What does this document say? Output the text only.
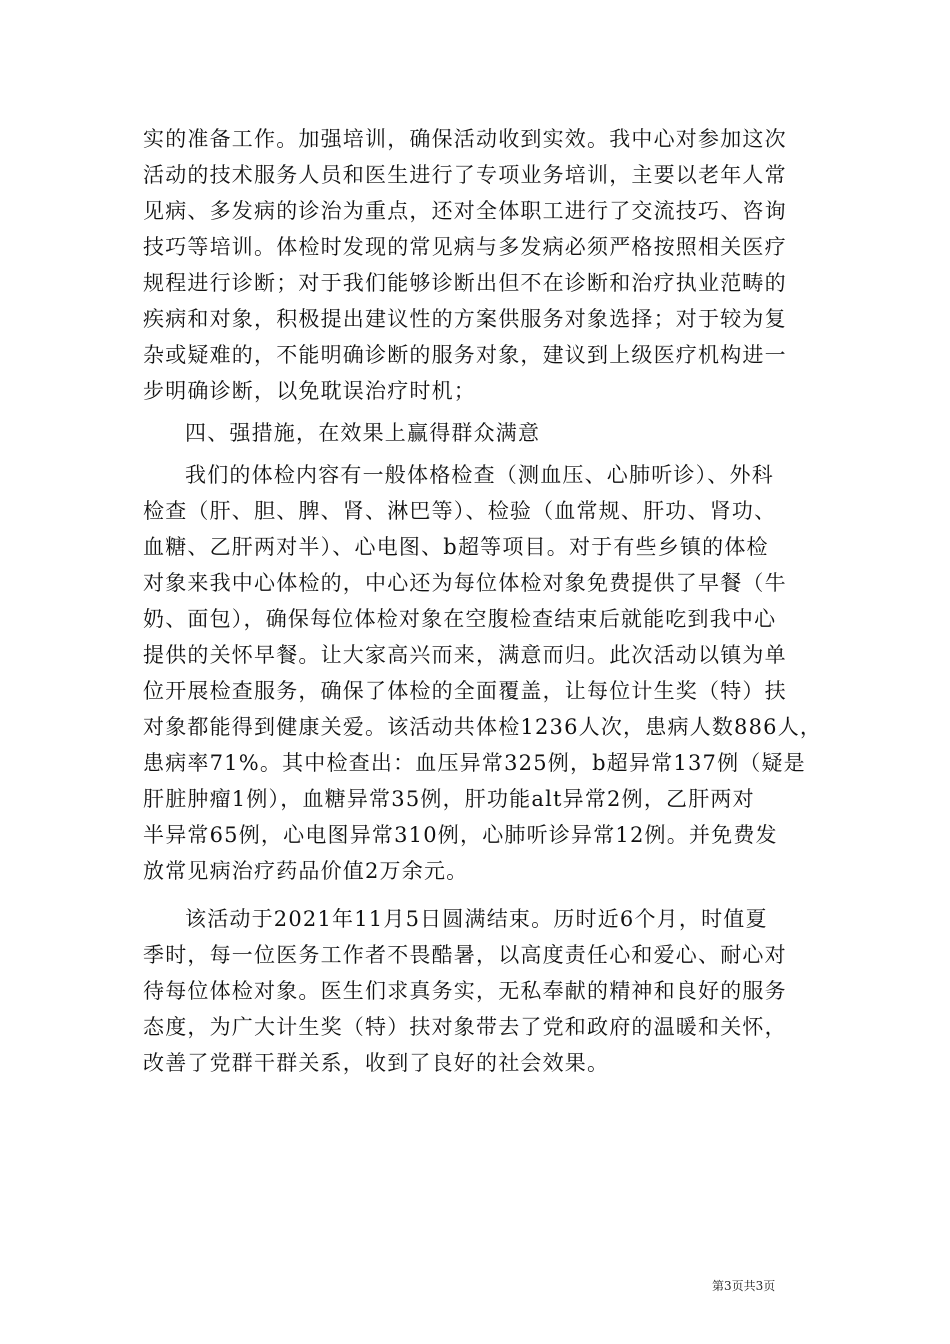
实的准备工作。加强培训，确保活动收到实效。我中心对参加这次
活动的技术服务人员和医生进行了专项业务培训，主要以老年人常
见病、多发病的诊治为重点，还对全体职工进行了交流技巧、咨询
技巧等培训。体检时发现的常见病与多发病必须严格按照相关医疗
规程进行诊断；对于我们能够诊断出但不在诊断和治疗执业范畴的
疾病和对象，积极提出建议性的方案供服务对象选择；对于较为复
杂或疑难的，不能明确诊断的服务对象，建议到上级医疗机构进一
步明确诊断，以免耽误治疗时机；
四、强措施，在效果上赢得群众满意
我们的体检内容有一般体格检查（测血压、心肺听诊）、外科
检查（肝、胆、脾、肾、淋巴等）、检验（血常规、肝功、肾功、
血糖、乙肝两对半）、心电图、b超等项目。对于有些乡镇的体检
对象来我中心体检的，中心还为每位体检对象免费提供了早餐（牛
奶、面包），确保每位体检对象在空腹检查结束后就能吃到我中心
提供的关怀早餐。让大家高兴而来，满意而归。此次活动以镇为单
位开展检查服务，确保了体检的全面覆盖，让每位计生奖（特）扶
对象都能得到健康关爱。该活动共体检1236人次，患病人数886人，
患病率71%。其中检查出：血压异常325例，b超异常137例（疑是
肝脏肿瘤1例），血糖异常35例，肝功能alt异常2例，乙肝两对
半异常65例，心电图异常310例，心肺听诊异常12例。并免费发
放常见病治疗药品价值2万余元。
该活动于2021年11月5日圆满结束。历时近6个月，时值夏
季时，每一位医务工作者不畏酷暑，以高度责任心和爱心、耐心对
待每位体检对象。医生们求真务实，无私奉献的精神和良好的服务
态度，为广大计生奖（特）扶对象带去了党和政府的温暖和关怀，
改善了党群干群关系，收到了良好的社会效果。
第3页共3页
